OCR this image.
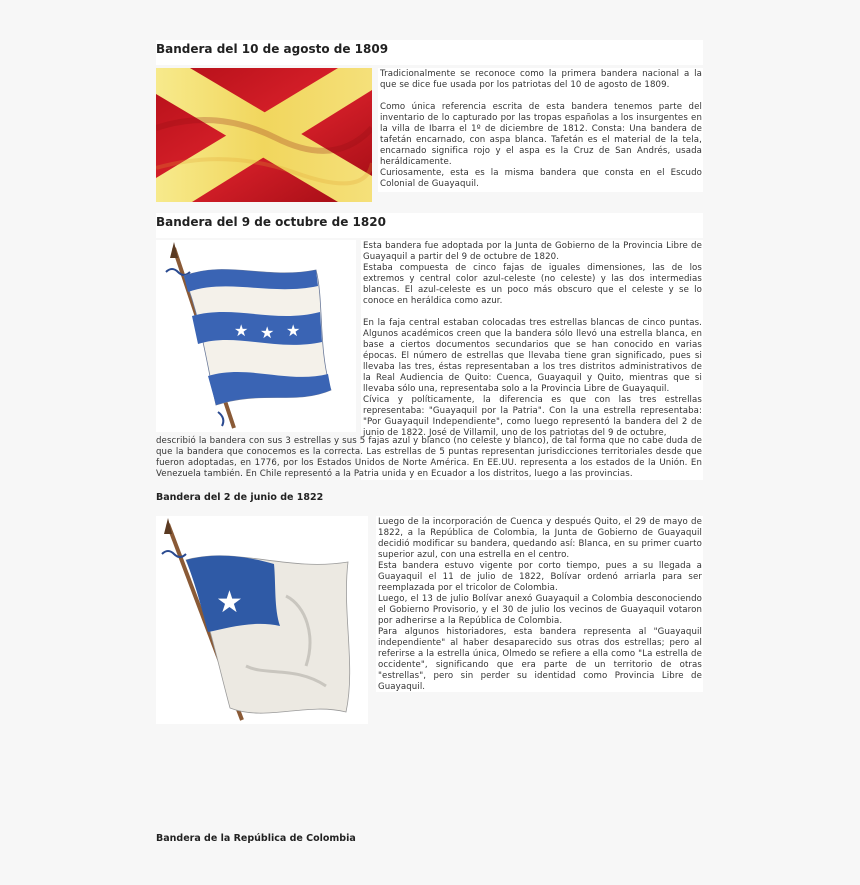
Bandera del 10 de agosto de 1809

Tradicionalmente se reconoce como la primera bandera nacional a la que se dice fue usada por los patriotas del 10 de agosto de 1809.

Como única referencia escrita de esta bandera tenemos parte del inventario de lo capturado por las tropas españolas a los insurgentes en la villa de Ibarra el 1º de diciembre de 1812. Consta: Una bandera de tafetán encarnado, con aspa blanca. Tafetán es el material de la tela, encarnado significa rojo y el aspa es la Cruz de San Andrés, usada heráldicamente.

Curiosamente, esta es la misma bandera que consta en el Escudo Colonial de Guayaquil.

Bandera del 9 de octubre de 1820
★ ★ ★

Esta bandera fue adoptada por la Junta de Gobierno de la Provincia Libre de Guayaquil a partir del 9 de octubre de 1820.

Estaba compuesta de cinco fajas de iguales dimensiones, las de los extremos y central color azul-celeste (no celeste) y las dos intermedias blancas. El azul-celeste es un poco más obscuro que el celeste y se lo conoce en heráldica como azur.

En la faja central estaban colocadas tres estrellas blancas de cinco puntas. Algunos académicos creen que la bandera sólo llevó una estrella blanca, en base a ciertos documentos secundarios que se han conocido en varias épocas. El número de estrellas que llevaba tiene gran significado, pues si llevaba las tres, éstas representaban a los tres distritos administrativos de la Real Audiencia de Quito: Cuenca, Guayaquil y Quito, mientras que si llevaba sólo una, representaba solo a la Provincia Libre de Guayaquil.

Cívica y políticamente, la diferencia es que con las tres estrellas representaba: "Guayaquil por la Patria". Con la una estrella representaba: "Por Guayaquil Independiente", como luego representó la bandera del 2 de junio de 1822. José de Villamil, uno de los patriotas del 9 de octubre,

describió la bandera con sus 3 estrellas y sus 5 fajas azul y blanco (no celeste y blanco), de tal forma que no cabe duda de que la bandera que conocemos es la correcta. Las estrellas de 5 puntas representan jurisdicciones territoriales desde que fueron adoptadas, en 1776, por los Estados Unidos de Norte América. En EE.UU. representa a los estados de la Unión. En Venezuela también. En Chile representó a la Patria unida y en Ecuador a los distritos, luego a las provincias.

Bandera del 2 de junio de 1822
★

Luego de la incorporación de Cuenca y después Quito, el 29 de mayo de 1822, a la República de Colombia, la Junta de Gobierno de Guayaquil decidió modificar su bandera, quedando así: Blanca, en su primer cuarto superior azul, con una estrella en el centro.

Esta bandera estuvo vigente por corto tiempo, pues a su llegada a Guayaquil el 11 de julio de 1822, Bolívar ordenó arriarla para ser reemplazada por el tricolor de Colombia.

Luego, el 13 de julio Bolívar anexó Guayaquil a Colombia desconociendo el Gobierno Provisorio, y el 30 de julio los vecinos de Guayaquil votaron por adherirse a la República de Colombia.

Para algunos historiadores, esta bandera representa al "Guayaquil independiente" al haber desaparecido sus otras dos estrellas; pero al referirse a la estrella única, Olmedo se refiere a ella como "La estrella de occidente", significando que era parte de un territorio de otras "estrellas", pero sin perder su identidad como Provincia Libre de Guayaquil.

Bandera de la República de Colombia
